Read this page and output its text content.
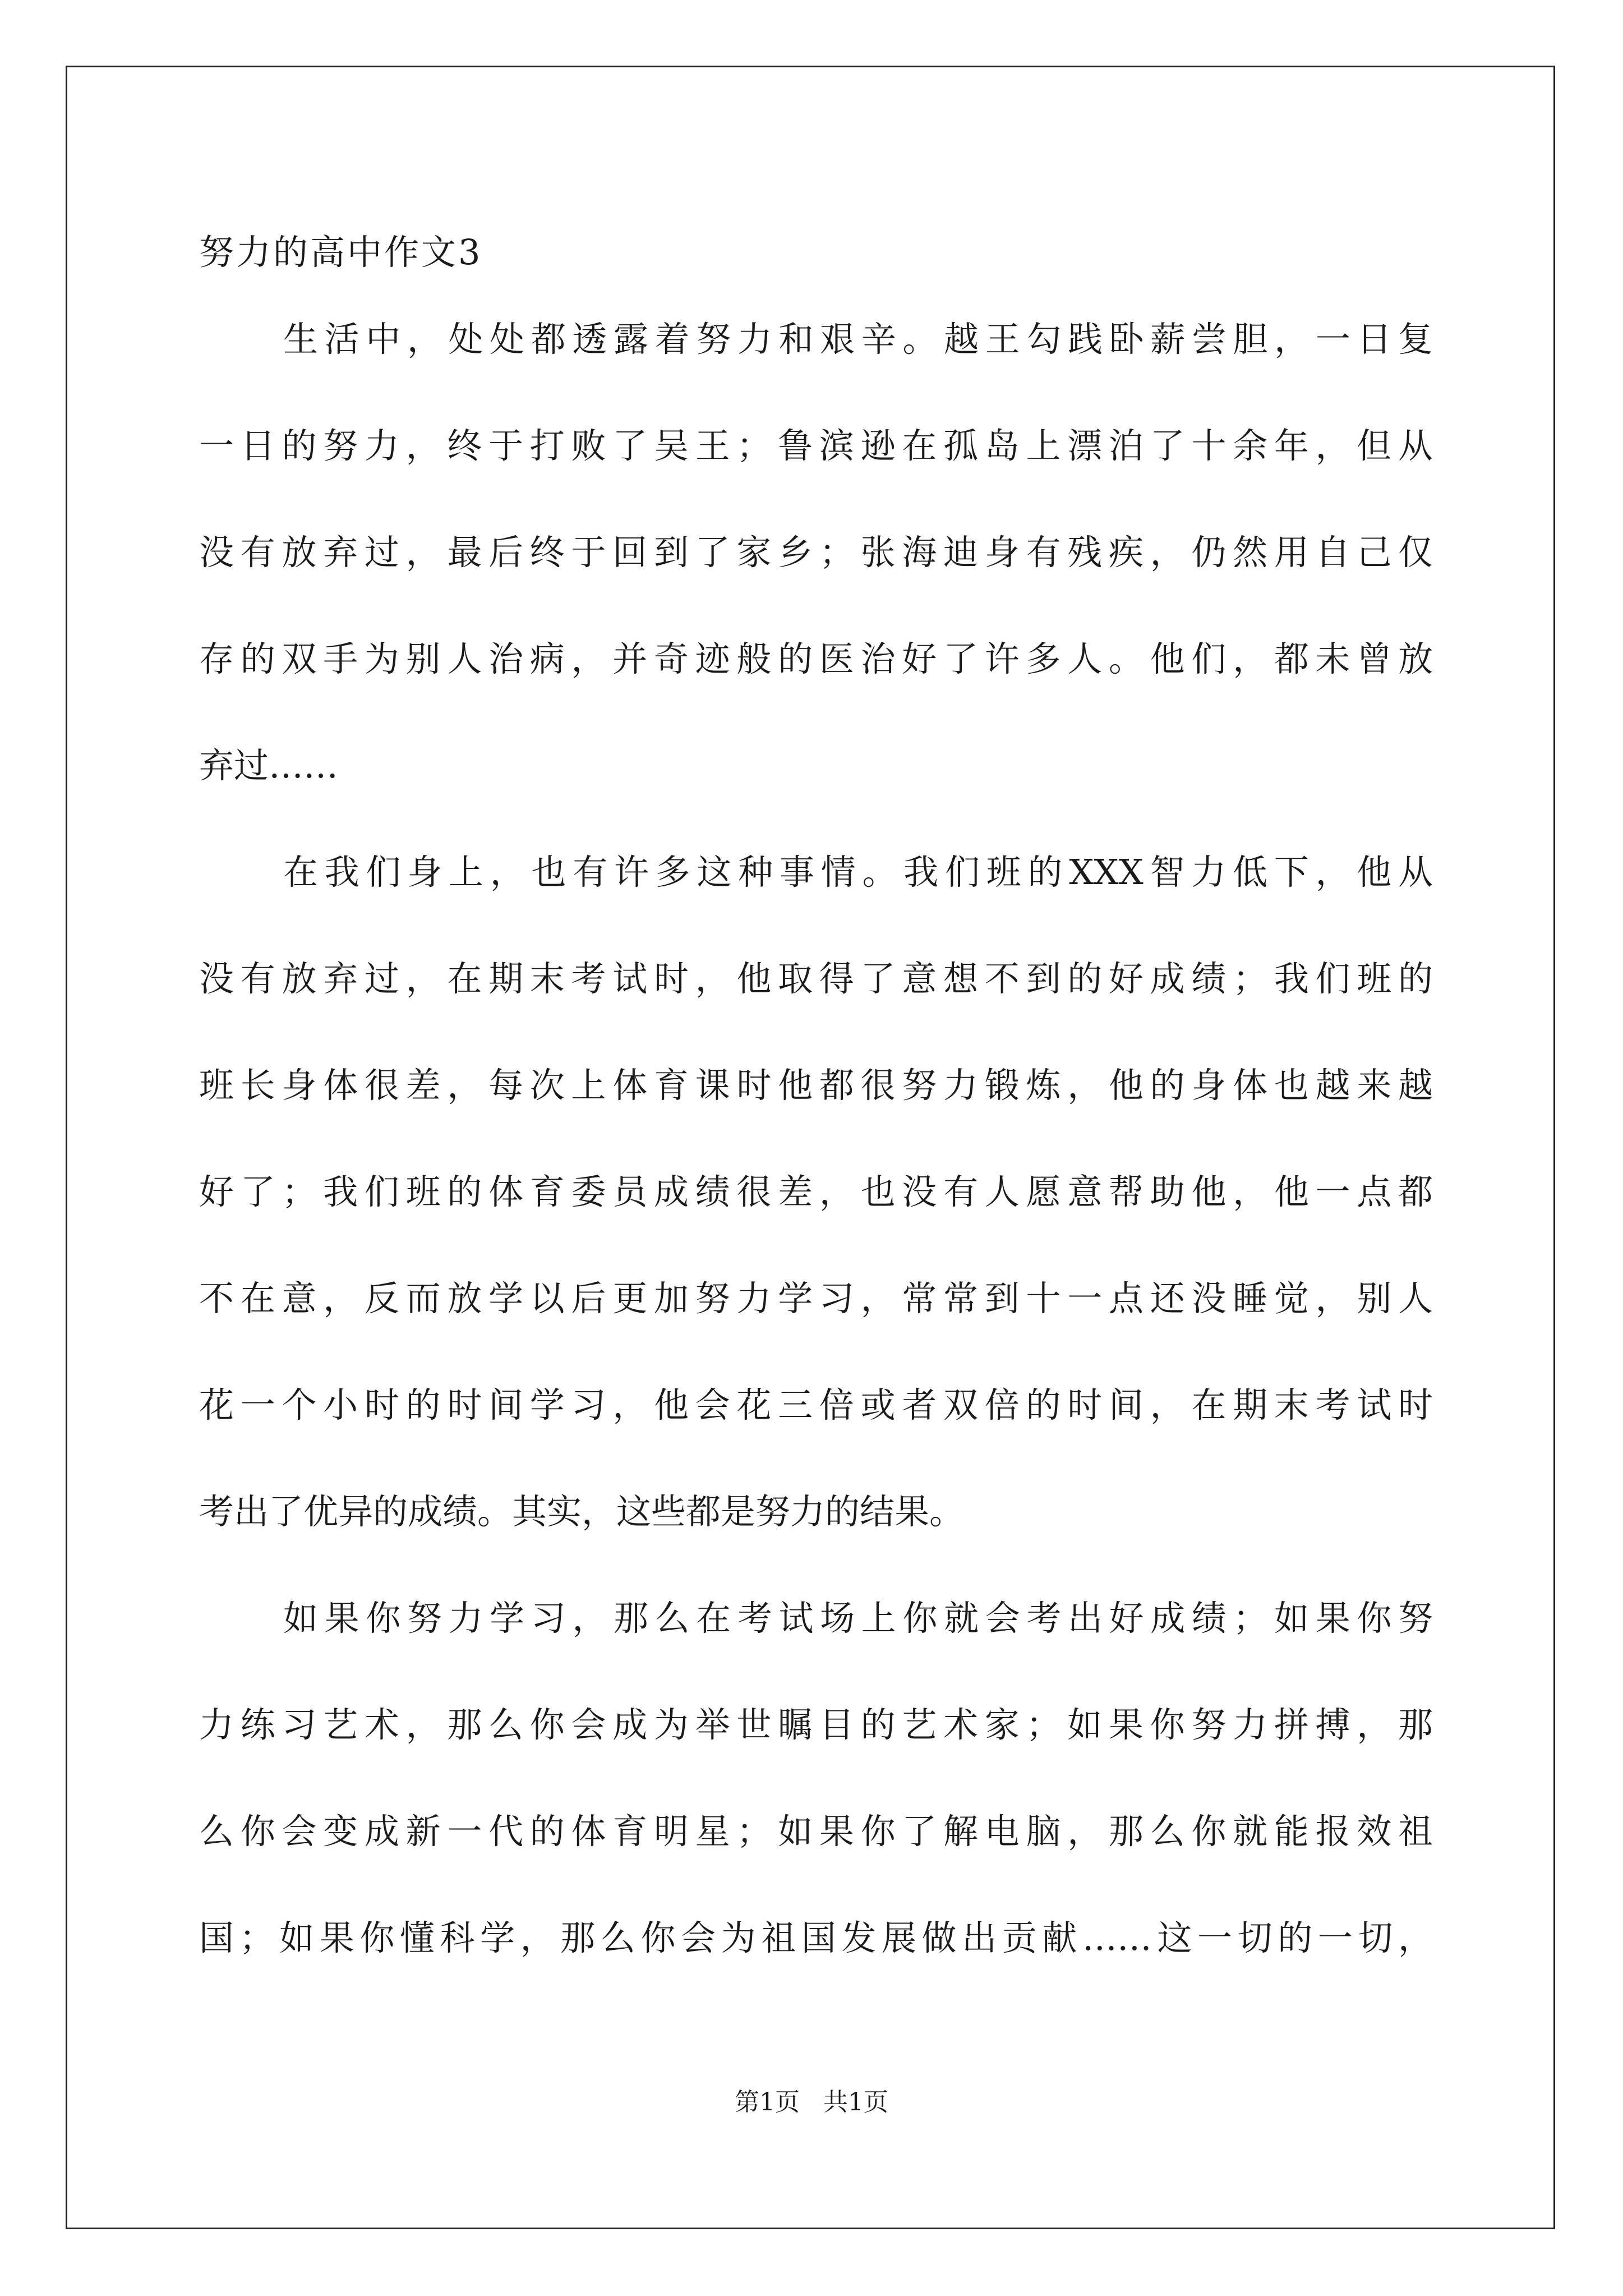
努力的高中作文3
生活中，处处都透露着努力和艰辛。越王勾践卧薪尝胆，一日复
一日的努力，终于打败了吴王；鲁滨逊在孤岛上漂泊了十余年，但从
没有放弃过，最后终于回到了家乡；张海迪身有残疾，仍然用自己仅
存的双手为别人治病，并奇迹般的医治好了许多人。他们，都未曾放
弃过……
在我们身上，也有许多这种事情。我们班的XXX智力低下，他从
没有放弃过，在期末考试时，他取得了意想不到的好成绩；我们班的
班长身体很差，每次上体育课时他都很努力锻炼，他的身体也越来越
好了；我们班的体育委员成绩很差，也没有人愿意帮助他，他一点都
不在意，反而放学以后更加努力学习，常常到十一点还没睡觉，别人
花一个小时的时间学习，他会花三倍或者双倍的时间，在期末考试时
考出了优异的成绩。其实，这些都是努力的结果。
如果你努力学习，那么在考试场上你就会考出好成绩；如果你努
力练习艺术，那么你会成为举世瞩目的艺术家；如果你努力拼搏，那
么你会变成新一代的体育明星；如果你了解电脑，那么你就能报效祖
国；如果你懂科学，那么你会为祖国发展做出贡献……这一切的一切，
第1页   共1页
